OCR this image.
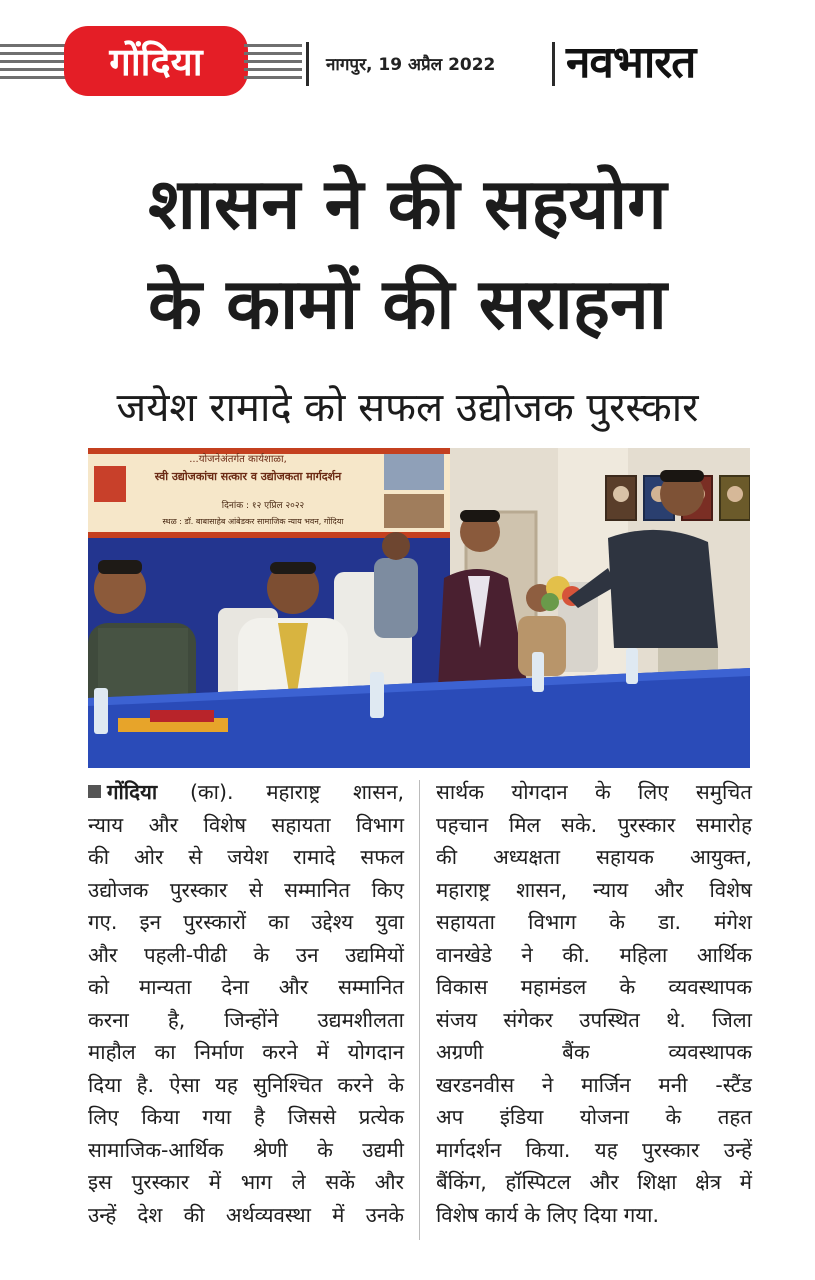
गोंदिया	नागपुर, 19 अप्रैल 2022 नवभारत
शासन ने की सहयोग
के कामों की सराहना
जयेश रामादे को सफल उद्योजक पुरस्कार
...योजनेअंतर्गत कार्यशाळा,
स्वी उद्योजकांचा सत्कार व उद्योजकता मार्गदर्शन
दिनांक : १२ एप्रिल २०२२
स्थळ : डॉ. बाबासाहेब आंबेडकर सामाजिक न्याय भवन, गोंदिया
गोंदिया (का). महाराष्ट्र शासन,
न्याय और विशेष सहायता विभाग
की ओर से जयेश रामादे सफल
उद्योजक पुरस्कार से सम्मानित किए
गए. इन पुरस्कारों का उद्देश्य युवा
और पहली-पीढी के उन उद्यमियों
को मान्यता देना और सम्मानित
करना है, जिन्होंने उद्यमशीलता
माहौल का निर्माण करने में योगदान
दिया है. ऐसा यह सुनिश्चित करने के
लिए किया गया है जिससे प्रत्येक
सामाजिक-आर्थिक श्रेणी के उद्यमी
इस पुरस्कार में भाग ले सकें और
उन्हें देश की अर्थव्यवस्था में उनके
सार्थक योगदान के लिए समुचित
पहचान मिल सके. पुरस्कार समारोह
की अध्यक्षता सहायक आयुक्त,
महाराष्ट्र शासन, न्याय और विशेष
सहायता विभाग के डा. मंगेश
वानखेडे ने की. महिला आर्थिक
विकास महामंडल के व्यवस्थापक
संजय संगेकर उपस्थित थे. जिला
अग्रणी बैंक व्यवस्थापक
खरडनवीस ने मार्जिन मनी -स्टैंड
अप इंडिया योजना के तहत
मार्गदर्शन किया. यह पुरस्कार उन्हें
बैंकिंग, हॉस्पिटल और शिक्षा क्षेत्र में
विशेष कार्य के लिए दिया गया.
